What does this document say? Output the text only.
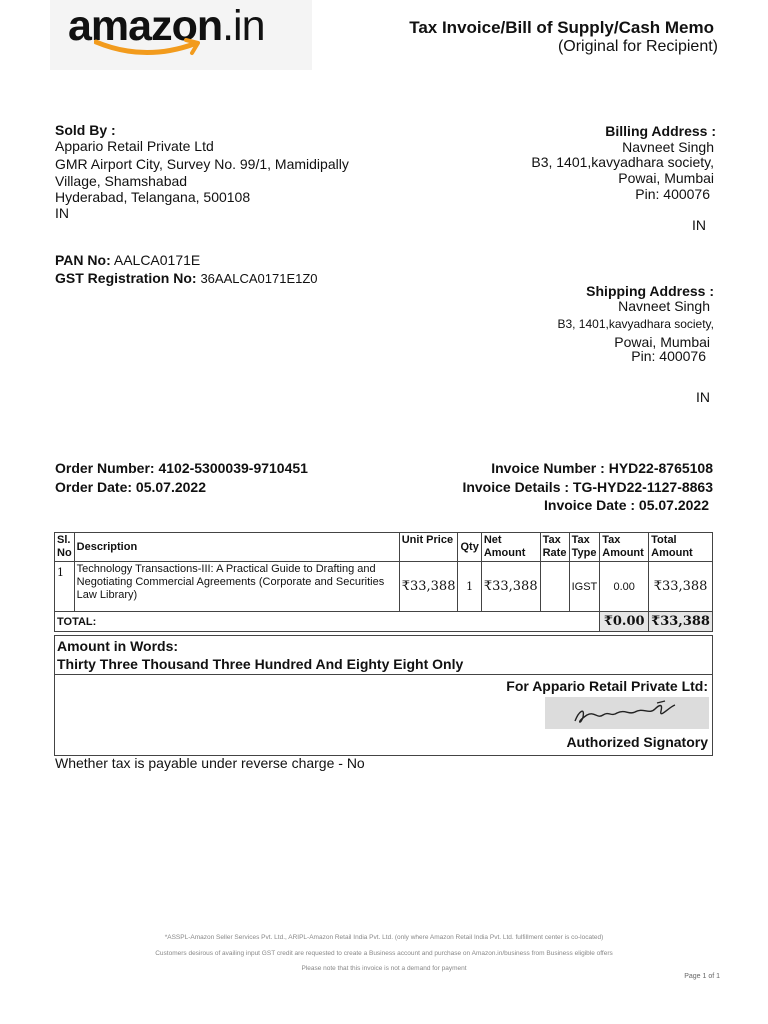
amazon.in	Tax Invoice/Bill of Supply/Cash Memo
(Original for Recipient)
Sold By :
Appario Retail Private Ltd
GMR Airport City, Survey No. 99/1, Mamidipally
Village, Shamshabad
Hyderabad, Telangana, 500108
IN
PAN No: AALCA0171E
GST Registration No: 36AALCA0171E1Z0
Billing Address :
Navneet Singh
B3, 1401,kavyadhara society,
Powai, Mumbai
Pin: 400076
IN
Shipping Address :
Navneet Singh
B3, 1401,kavyadhara society,
Powai, Mumbai
Pin: 400076
IN
Order Number: 4102-5300039-9710451
Order Date: 05.07.2022
Invoice Number : HYD22-8765108
Invoice Details : TG-HYD22-1127-8863
Invoice Date : 05.07.2022
Sl. No	Description	Unit Price	Qty	Net Amount	Tax Rate	Tax Type	Tax Amount	Total Amount
1	Technology Transactions-III: A Practical Guide to Drafting and Negotiating Commercial Agreements (Corporate and Securities Law Library)	₹33,388	1	₹33,388		IGST	0.00	₹33,388
TOTAL:							₹0.00	₹33,388
Amount in Words:
Thirty Three Thousand Three Hundred And Eighty Eight Only
For Appario Retail Private Ltd:
Authorized Signatory
Whether tax is payable under reverse charge - No
*ASSPL-Amazon Seller Services Pvt. Ltd., ARIPL-Amazon Retail India Pvt. Ltd. (only where Amazon Retail India Pvt. Ltd. fulfillment center is co-located)
Customers desirous of availing input GST credit are requested to create a Business account and purchase on Amazon.in/business from Business eligible offers
Please note that this invoice is not a demand for payment
Page 1 of 1
